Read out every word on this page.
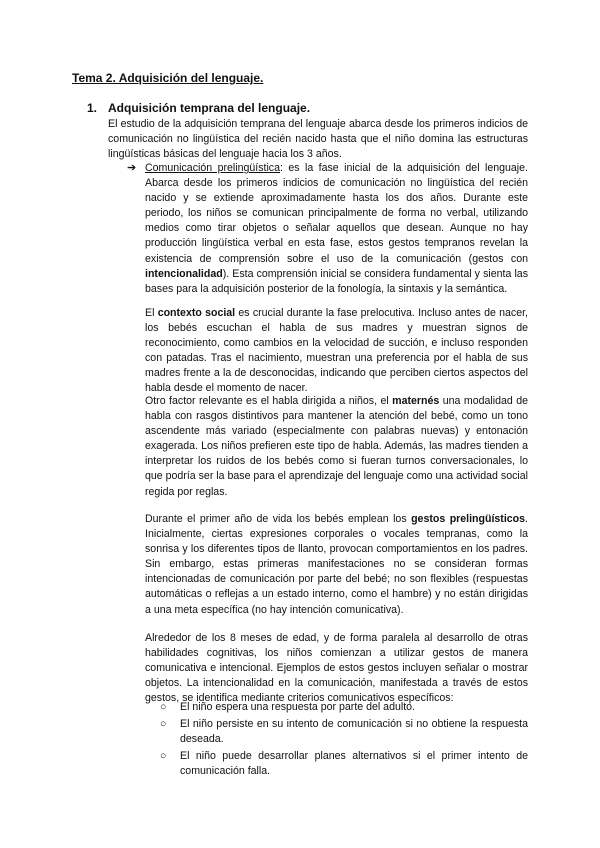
Tema 2. Adquisición del lenguaje.
1. Adquisición temprana del lenguaje.

El estudio de la adquisición temprana del lenguaje abarca desde los primeros indicios de comunicación no lingüística del recién nacido hasta que el niño domina las estructuras lingüísticas básicas del lenguaje hacia los 3 años.

➔ Comunicación prelingüística: es la fase inicial de la adquisición del lenguaje. Abarca desde los primeros indicios de comunicación no lingüística del recién nacido y se extiende aproximadamente hasta los dos años. Durante este periodo, los niños se comunican principalmente de forma no verbal, utilizando medios como tirar objetos o señalar aquellos que desean. Aunque no hay producción lingüística verbal en esta fase, estos gestos tempranos revelan la existencia de comprensión sobre el uso de la comunicación (gestos con intencionalidad). Esta comprensión inicial se considera fundamental y sienta las bases para la adquisición posterior de la fonología, la sintaxis y la semántica.

El contexto social es crucial durante la fase prelocutiva. Incluso antes de nacer, los bebés escuchan el habla de sus madres y muestran signos de reconocimiento, como cambios en la velocidad de succión, e incluso responden con patadas. Tras el nacimiento, muestran una preferencia por el habla de sus madres frente a la de desconocidas, indicando que perciben ciertos aspectos del habla desde el momento de nacer.

Otro factor relevante es el habla dirigida a niños, el maternés una modalidad de habla con rasgos distintivos para mantener la atención del bebé, como un tono ascendente más variado (especialmente con palabras nuevas) y entonación exagerada. Los niños prefieren este tipo de habla. Además, las madres tienden a interpretar los ruidos de los bebés como si fueran turnos conversacionales, lo que podría ser la base para el aprendizaje del lenguaje como una actividad social regida por reglas.

Durante el primer año de vida los bebés emplean los gestos prelingüísticos. Inicialmente, ciertas expresiones corporales o vocales tempranas, como la sonrisa y los diferentes tipos de llanto, provocan comportamientos en los padres. Sin embargo, estas primeras manifestaciones no se consideran formas intencionadas de comunicación por parte del bebé; no son flexibles (respuestas automáticas o reflejas a un estado interno, como el hambre) y no están dirigidas a una meta específica (no hay intención comunicativa).

Alrededor de los 8 meses de edad, y de forma paralela al desarrollo de otras habilidades cognitivas, los niños comienzan a utilizar gestos de manera comunicativa e intencional. Ejemplos de estos gestos incluyen señalar o mostrar objetos. La intencionalidad en la comunicación, manifestada a través de estos gestos, se identifica mediante criterios comunicativos específicos:

○ El niño espera una respuesta por parte del adulto.
○ El niño persiste en su intento de comunicación si no obtiene la respuesta deseada.
○ El niño puede desarrollar planes alternativos si el primer intento de comunicación falla.
